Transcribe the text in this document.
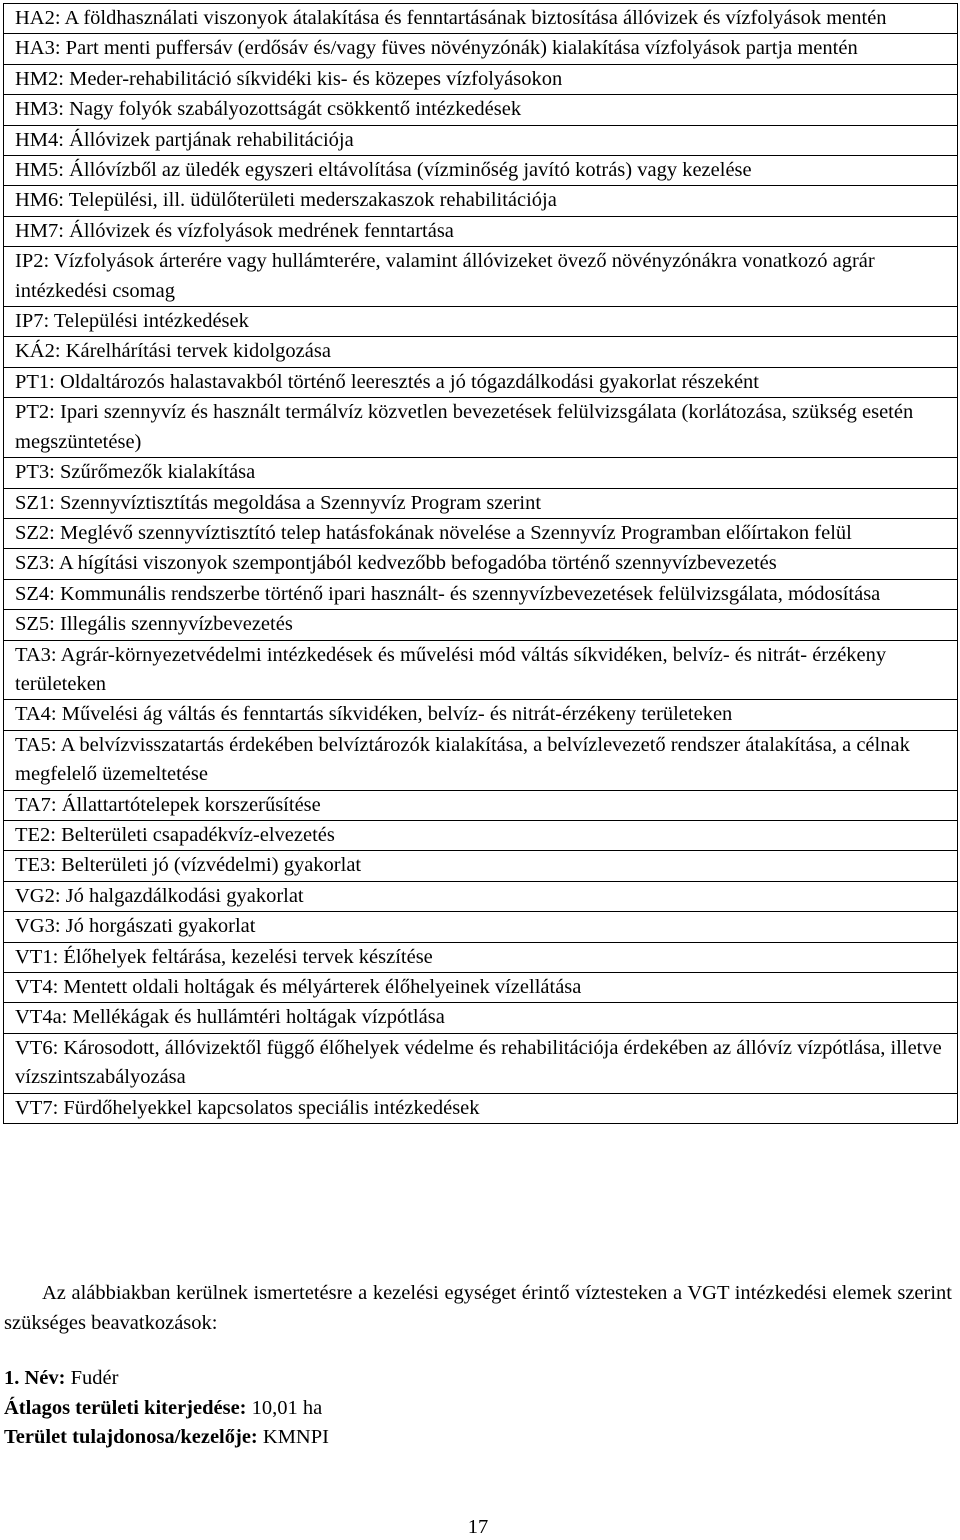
HA2: A földhasználati viszonyok átalakítása és fenntartásának biztosítása állóvizek és vízfolyások mentén
HA3: Part menti puffersáv (erdősáv és/vagy füves növényzónák) kialakítása vízfolyások partja mentén
HM2: Meder-rehabilitáció síkvidéki kis- és közepes vízfolyásokon
HM3: Nagy folyók szabályozottságát csökkentő intézkedések
HM4: Állóvizek partjának rehabilitációja
HM5: Állóvízből az üledék egyszeri eltávolítása (vízminőség javító kotrás) vagy kezelése
HM6: Települési, ill. üdülőterületi mederszakaszok rehabilitációja
HM7: Állóvizek és vízfolyások medrének fenntartása
IP2: Vízfolyások árterére vagy hullámterére, valamint állóvizeket övező növényzónákra vonatkozó agrár intézkedési csomag
IP7: Települési intézkedések
KÁ2: Kárelhárítási tervek kidolgozása
PT1: Oldaltározós halastavakból történő leeresztés a jó tógazdálkodási gyakorlat részeként
PT2: Ipari szennyvíz és használt termálvíz közvetlen bevezetések felülvizsgálata (korlátozása, szükség esetén megszüntetése)
PT3: Szűrőmezők kialakítása
SZ1: Szennyvíztisztítás megoldása a Szennyvíz Program szerint
SZ2: Meglévő szennyvíztisztító telep hatásfokának növelése a Szennyvíz Programban előírtakon felül
SZ3: A hígítási viszonyok szempontjából kedvezőbb befogadóba történő szennyvízbevezetés
SZ4: Kommunális rendszerbe történő ipari használt- és szennyvízbevezetések felülvizsgálata, módosítása
SZ5: Illegális szennyvízbevezetés
TA3: Agrár-környezetvédelmi intézkedések és művelési mód váltás síkvidéken, belvíz- és nitrát- érzékeny területeken
TA4: Művelési ág váltás és fenntartás síkvidéken, belvíz- és nitrát-érzékeny területeken
TA5: A belvízvisszatartás érdekében belvíztározók kialakítása, a belvízlevezető rendszer átalakítása, a célnak megfelelő üzemeltetése
TA7: Állattartótelepek korszerűsítése
TE2: Belterületi csapadékvíz-elvezetés
TE3: Belterületi jó (vízvédelmi) gyakorlat
VG2: Jó halgazdálkodási gyakorlat
VG3: Jó horgászati gyakorlat
VT1: Élőhelyek feltárása, kezelési tervek készítése
VT4: Mentett oldali holtágak és mélyárterek élőhelyeinek vízellátása
VT4a: Mellékágak és hullámtéri holtágak vízpótlása
VT6: Károsodott, állóvizektől függő élőhelyek védelme és rehabilitációja érdekében az állóvíz vízpótlása, illetve vízszintszabályozása
VT7: Fürdőhelyekkel kapcsolatos speciális intézkedések

Az alábbiakban kerülnek ismertetésre a kezelési egységet érintő víztesteken a VGT intézkedési elemek szerint szükséges beavatkozások:

1. Név: Fudér
Átlagos területi kiterjedése: 10,01 ha
Terület tulajdonosa/kezelője: KMNPI
17
